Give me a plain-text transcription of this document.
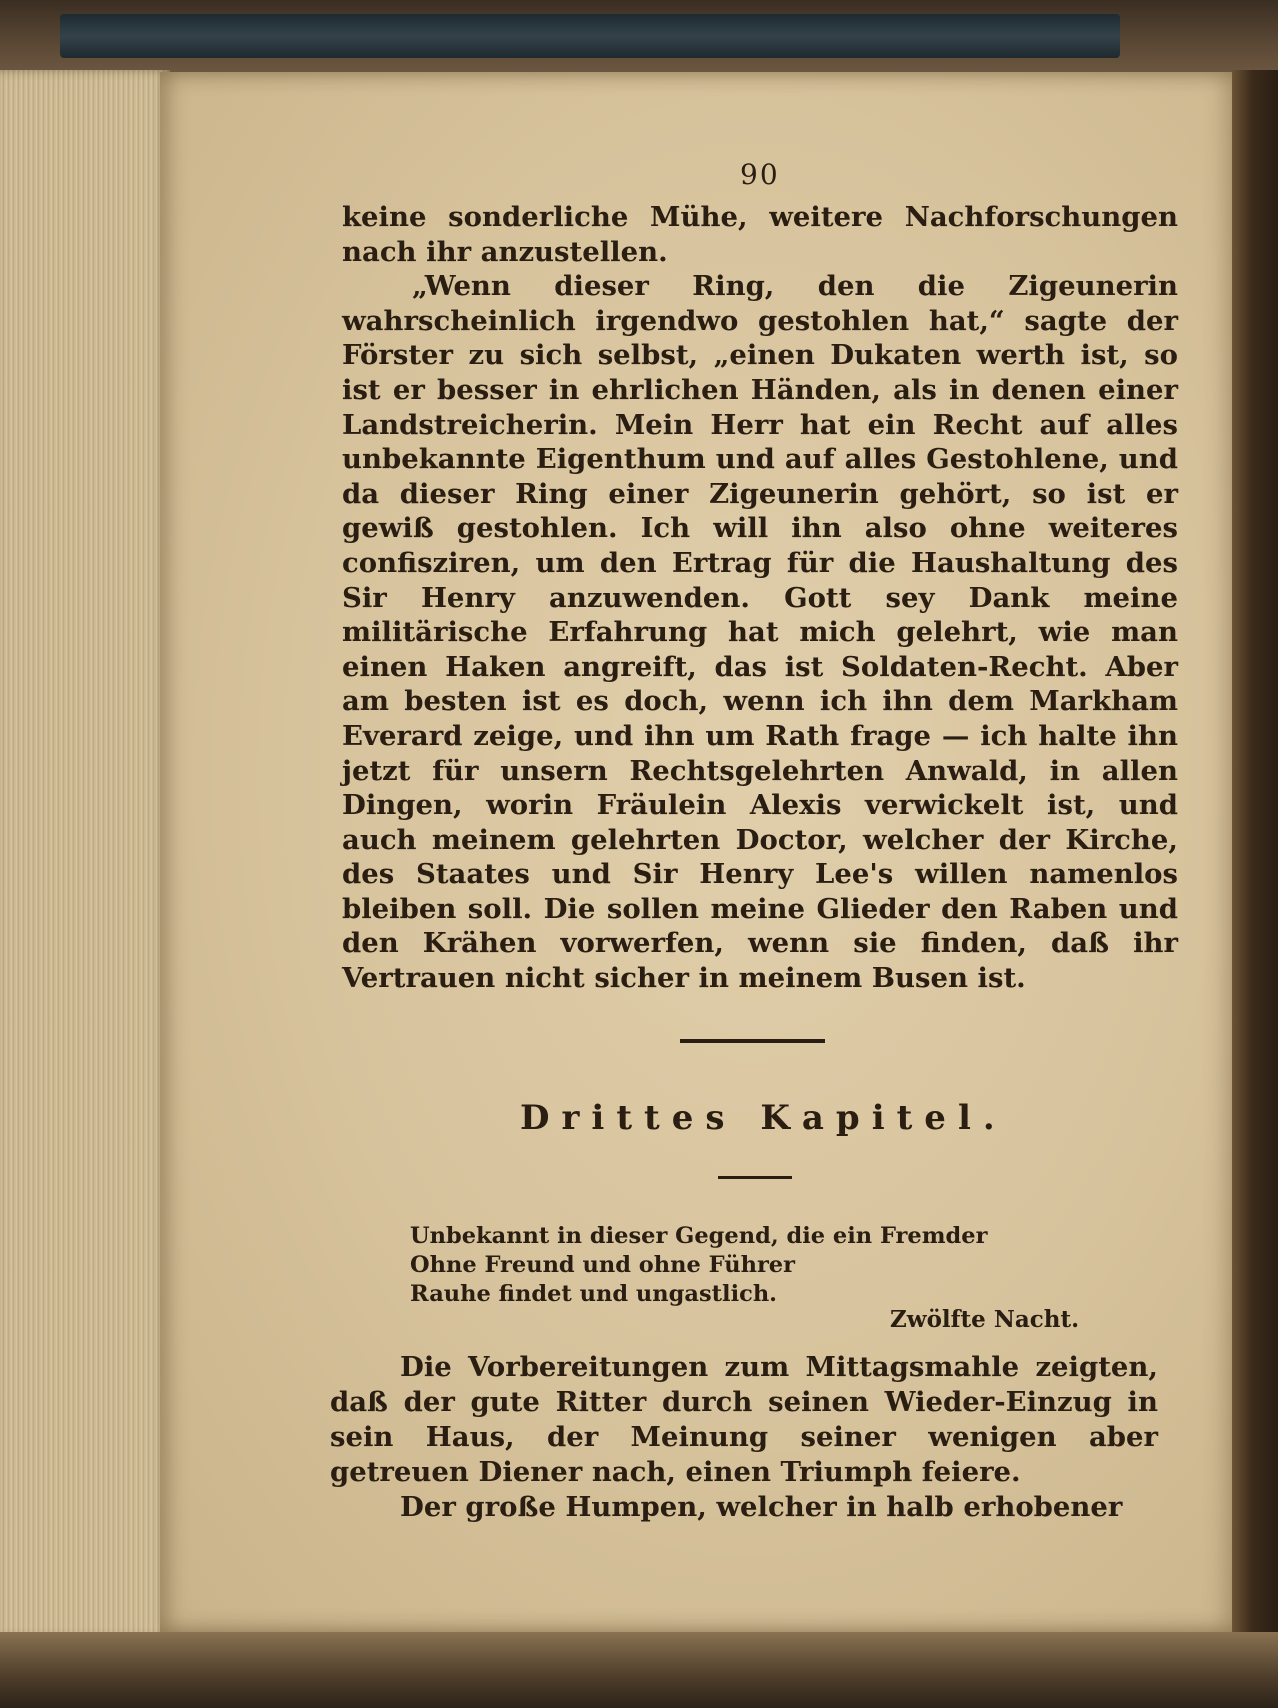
90

keine sonderliche Mühe, weitere Nachforschungen nach ihr anzustellen.

„Wenn dieser Ring, den die Zigeunerin wahrscheinlich irgendwo gestohlen hat,“ sagte der Förster zu sich selbst, „einen Dukaten werth ist, so ist er besser in ehrlichen Händen, als in denen einer Landstreicherin. Mein Herr hat ein Recht auf alles unbekannte Eigenthum und auf alles Gestohlene, und da dieser Ring einer Zigeunerin gehört, so ist er gewiß gestohlen. Ich will ihn also ohne weiteres confisziren, um den Ertrag für die Haushaltung des Sir Henry anzuwenden. Gott sey Dank meine militärische Erfahrung hat mich gelehrt, wie man einen Haken angreift, das ist Soldaten-Recht. Aber am besten ist es doch, wenn ich ihn dem Markham Everard zeige, und ihn um Rath frage — ich halte ihn jetzt für unsern Rechtsgelehrten Anwald, in allen Dingen, worin Fräulein Alexis verwickelt ist, und auch meinem gelehrten Doctor, welcher der Kirche, des Staates und Sir Henry Lee's willen namenlos bleiben soll. Die sollen meine Glieder den Raben und den Krähen vorwerfen, wenn sie finden, daß ihr Vertrauen nicht sicher in meinem Busen ist.

Drittes Kapitel.
Unbekannt in dieser Gegend, die ein Fremder
Ohne Freund und ohne Führer
Rauhe findet und ungastlich.
Zwölfte Nacht.

Die Vorbereitungen zum Mittagsmahle zeigten, daß der gute Ritter durch seinen Wieder-Einzug in sein Haus, der Meinung seiner wenigen aber getreuen Diener nach, einen Triumph feiere.

Der große Humpen, welcher in halb erhobener
